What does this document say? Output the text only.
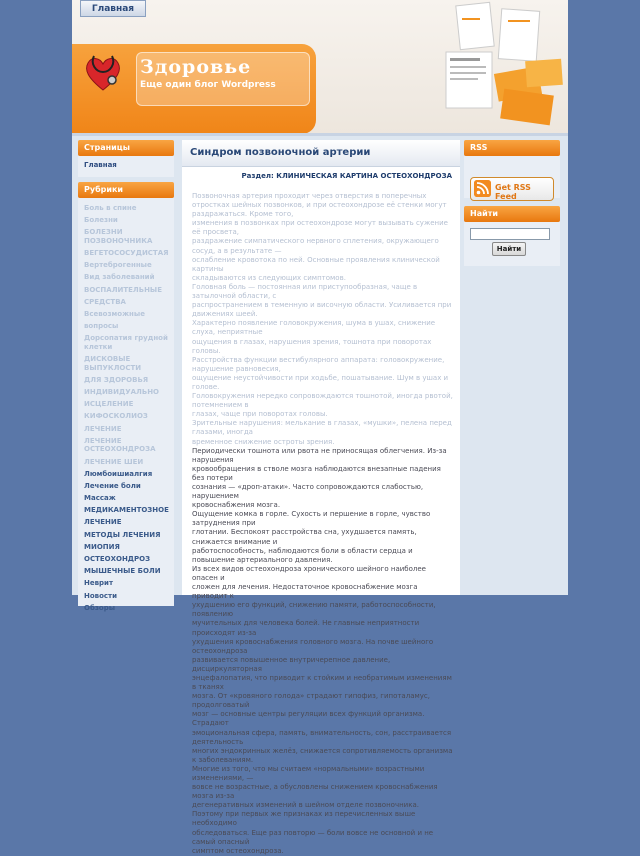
Главная
Здоровье
Еще один блог Wordpress
Страницы
Главная
Рубрики
Боль в спине
Болезни
БОЛЕЗНИ ПОЗВОНОЧНИКА
ВЕГЕТОСОСУДИСТАЯ
Вертеброгенные
Вид заболеваний
ВОСПАЛИТЕЛЬНЫЕ
СРЕДСТВА
Всевозможные
вопросы
Дорсопатия грудной клетки
ДИСКОВЫЕ ВЫПУКЛОСТИ
ДЛЯ ЗДОРОВЬЯ
ИНДИВИДУАЛЬНО
ИСЦЕЛЕНИЕ
КИФОСКОЛИОЗ
ЛЕЧЕНИЕ
ЛЕЧЕНИЕ ОСТЕОХОНДРОЗА
ЛЕЧЕНИЕ ШЕИ
Люмбоишиалгия
Лечение боли
Массаж
МЕДИКАМЕНТОЗНОЕ
ЛЕЧЕНИЕ
МЕТОДЫ ЛЕЧЕНИЯ
МИОПИЯ
ОСТЕОХОНДРОЗ
МЫШЕЧНЫЕ БОЛИ
Неврит
Новости
Обзоры
Синдром позвоночной артерии
Раздел: КЛИНИЧЕСКАЯ КАРТИНА ОСТЕОХОНДРОЗА

Позвоночная артерия проходит через отверстия в поперечных отростках шейных позвонков, и при остеохондрозе её стенки могут раздражаться. Кроме того,

изменения в позвонках при остеохондрозе могут вызывать сужение её просвета,

раздражение симпатического нервного сплетения, окружающего сосуд, а в результате —

ослабление кровотока по ней. Основные проявления клинической картины

складываются из следующих симптомов.

Головная боль — постоянная или приступообразная, чаще в затылочной области, с

распространением в теменную и височную области. Усиливается при движениях шеей.

Характерно появление головокружения, шума в ушах, снижение слуха, неприятные

ощущения в глазах, нарушения зрения, тошнота при поворотах головы.

Расстройства функции вестибулярного аппарата: головокружение, нарушение равновесия,

ощущение неустойчивости при ходьбе, пошатывание. Шум в ушах и голове.

Головокружения нередко сопровождаются тошнотой, иногда рвотой, потемнением в

глазах, чаще при поворотах головы.

Зрительные нарушения: мелькание в глазах, «мушки», пелена перед глазами, иногда

временное снижение остроты зрения.

Периодически тошнота или рвота не приносящая облегчения. Из-за нарушения

кровообращения в стволе мозга наблюдаются внезапные падения без потери

сознания — «дроп-атаки». Часто сопровождаются слабостью, нарушением

кровоснабжения мозга.

Ощущение комка в горле. Сухость и першение в горле, чувство затруднения при

глотании. Беспокоят расстройства сна, ухудшается память, снижается внимание и

работоспособность, наблюдаются боли в области сердца и повышение артериального давления.

Из всех видов остеохондроза хронического шейного наиболее опасен и

сложен для лечения. Недостаточное кровоснабжение мозга приводит к

ухудшению его функций, снижению памяти, работоспособности, появлению

мучительных для человека болей. Не главные неприятности происходят из-за

ухудшения кровоснабжения головного мозга. На почве шейного остеохондроза

развивается повышенное внутричерепное давление, дисциркуляторная

энцефалопатия, что приводит к стойким и необратимым изменениям в тканях

мозга. От «кровяного голода» страдают гипофиз, гипоталамус, продолговатый

мозг — основные центры регуляции всех функций организма. Страдают

эмоциональная сфера, память, внимательность, сон, расстраивается деятельность

многих эндокринных желёз, снижается сопротивляемость организма к заболеваниям.

Многие из того, что мы считаем «нормальными» возрастными изменениями, —

вовсе не возрастные, а обусловлены снижением кровоснабжения мозга из-за

дегенеративных изменений в шейном отделе позвоночника.

Поэтому при первых же признаках из перечисленных выше необходимо

обследоваться. Еще раз повторю — боли вовсе не основной и не самый опасный

симптом остеохондроза.

RSS
Get RSS Feed
Найти
Найти
